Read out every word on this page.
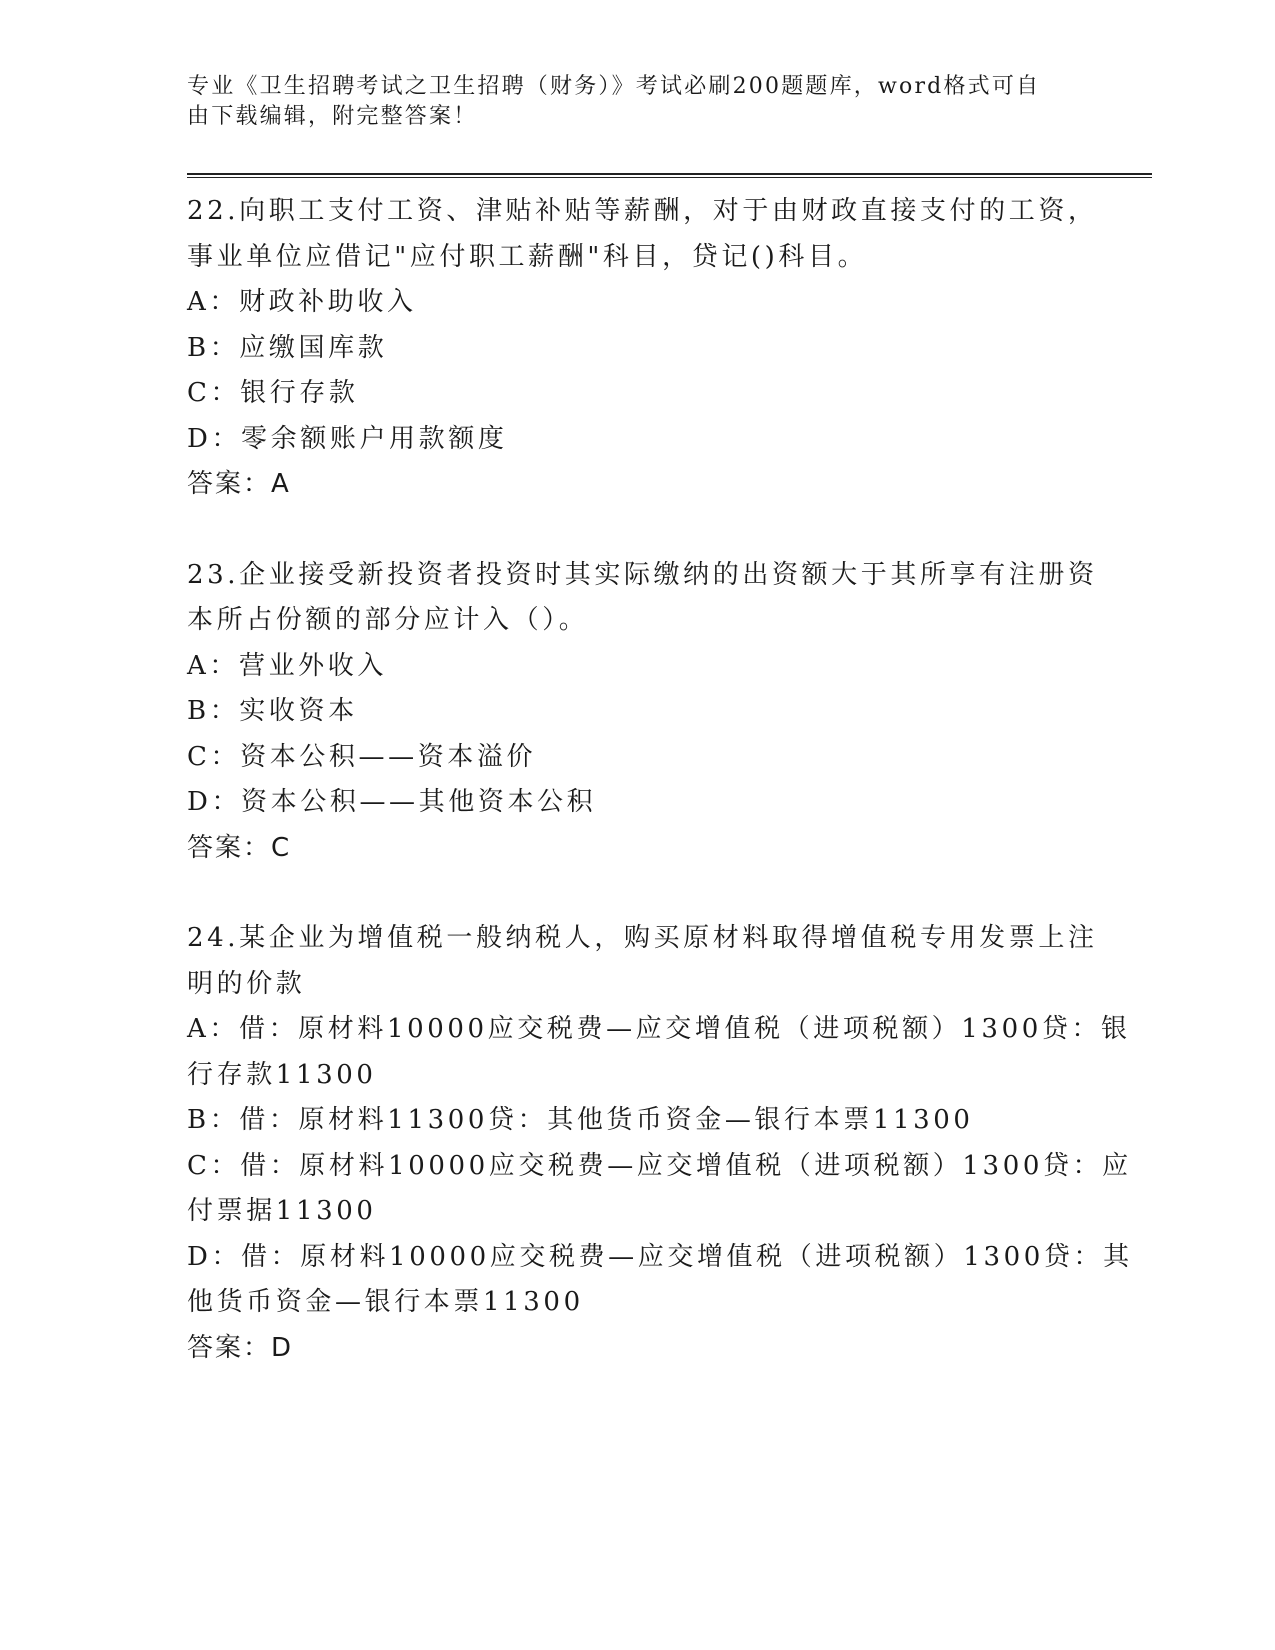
专业《卫生招聘考试之卫生招聘（财务）》考试必刷200题题库，word格式可自
由下载编辑，附完整答案！
22.向职工支付工资、津贴补贴等薪酬，对于由财政直接支付的工资，
事业单位应借记"应付职工薪酬"科目，贷记()科目。
A：财政补助收入
B：应缴国库款
C：银行存款
D：零余额账户用款额度
答案：A
23.企业接受新投资者投资时其实际缴纳的出资额大于其所享有注册资
本所占份额的部分应计入（）。
A：营业外收入
B：实收资本
C：资本公积——资本溢价
D：资本公积——其他资本公积
答案：C
24.某企业为增值税一般纳税人，购买原材料取得增值税专用发票上注
明的价款
A：借：原材料10000应交税费—应交增值税（进项税额）1300贷：银
行存款11300
B：借：原材料11300贷：其他货币资金—银行本票11300
C：借：原材料10000应交税费—应交增值税（进项税额）1300贷：应
付票据11300
D：借：原材料10000应交税费—应交增值税（进项税额）1300贷：其
他货币资金—银行本票11300
答案：D
